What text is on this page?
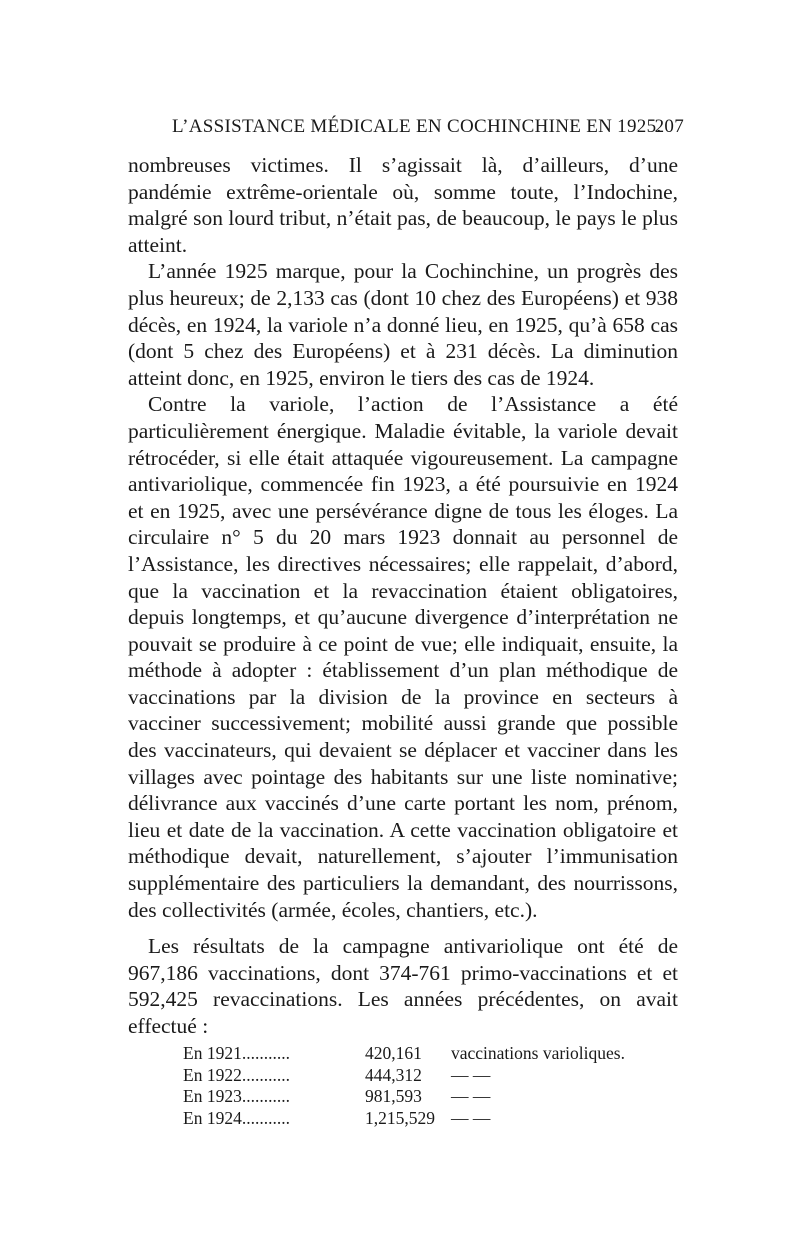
L’ASSISTANCE MÉDICALE EN COCHINCHINE EN 1925.
207

nombreuses victimes. Il s’agissait là, d’ailleurs, d’une pandémie extrême-orientale où, somme toute, l’Indochine, malgré son lourd tribut, n’était pas, de beaucoup, le pays le plus atteint.

L’année 1925 marque, pour la Cochinchine, un progrès des plus heureux; de 2,133 cas (dont 10 chez des Européens) et 938 décès, en 1924, la variole n’a donné lieu, en 1925, qu’à 658 cas (dont 5 chez des Européens) et à 231 décès. La diminution atteint donc, en 1925, environ le tiers des cas de 1924.

Contre la variole, l’action de l’Assistance a été particulièrement énergique. Maladie évitable, la variole devait rétrocéder, si elle était attaquée vigoureusement. La campagne antivariolique, commencée fin 1923, a été poursuivie en 1924 et en 1925, avec une persévérance digne de tous les éloges. La circulaire n° 5 du 20 mars 1923 donnait au personnel de l’Assistance, les directives nécessaires; elle rappelait, d’abord, que la vaccination et la revaccination étaient obligatoires, depuis longtemps, et qu’aucune divergence d’interprétation ne pouvait se produire à ce point de vue; elle indiquait, ensuite, la méthode à adopter : établissement d’un plan méthodique de vaccinations par la division de la province en secteurs à vacciner successivement; mobilité aussi grande que possible des vaccinateurs, qui devaient se déplacer et vacciner dans les villages avec pointage des habitants sur une liste nominative; délivrance aux vaccinés d’une carte portant les nom, prénom, lieu et date de la vaccination. A cette vaccination obligatoire et méthodique devait, naturellement, s’ajouter l’immunisation supplémentaire des particuliers la demandant, des nourrissons, des collectivités (armée, écoles, chantiers, etc.).

Les résultats de la campagne antivariolique ont été de 967,186 vaccinations, dont 374-761 primo-vaccinations et et 592,425 revaccinations. Les années précédentes, on avait effectué :

En 1921...........	420,161 vaccinations varioliques.
En 1922...........	444,312 — —
En 1923...........	981,593 — —
En 1924...........	1,215,529 — —
